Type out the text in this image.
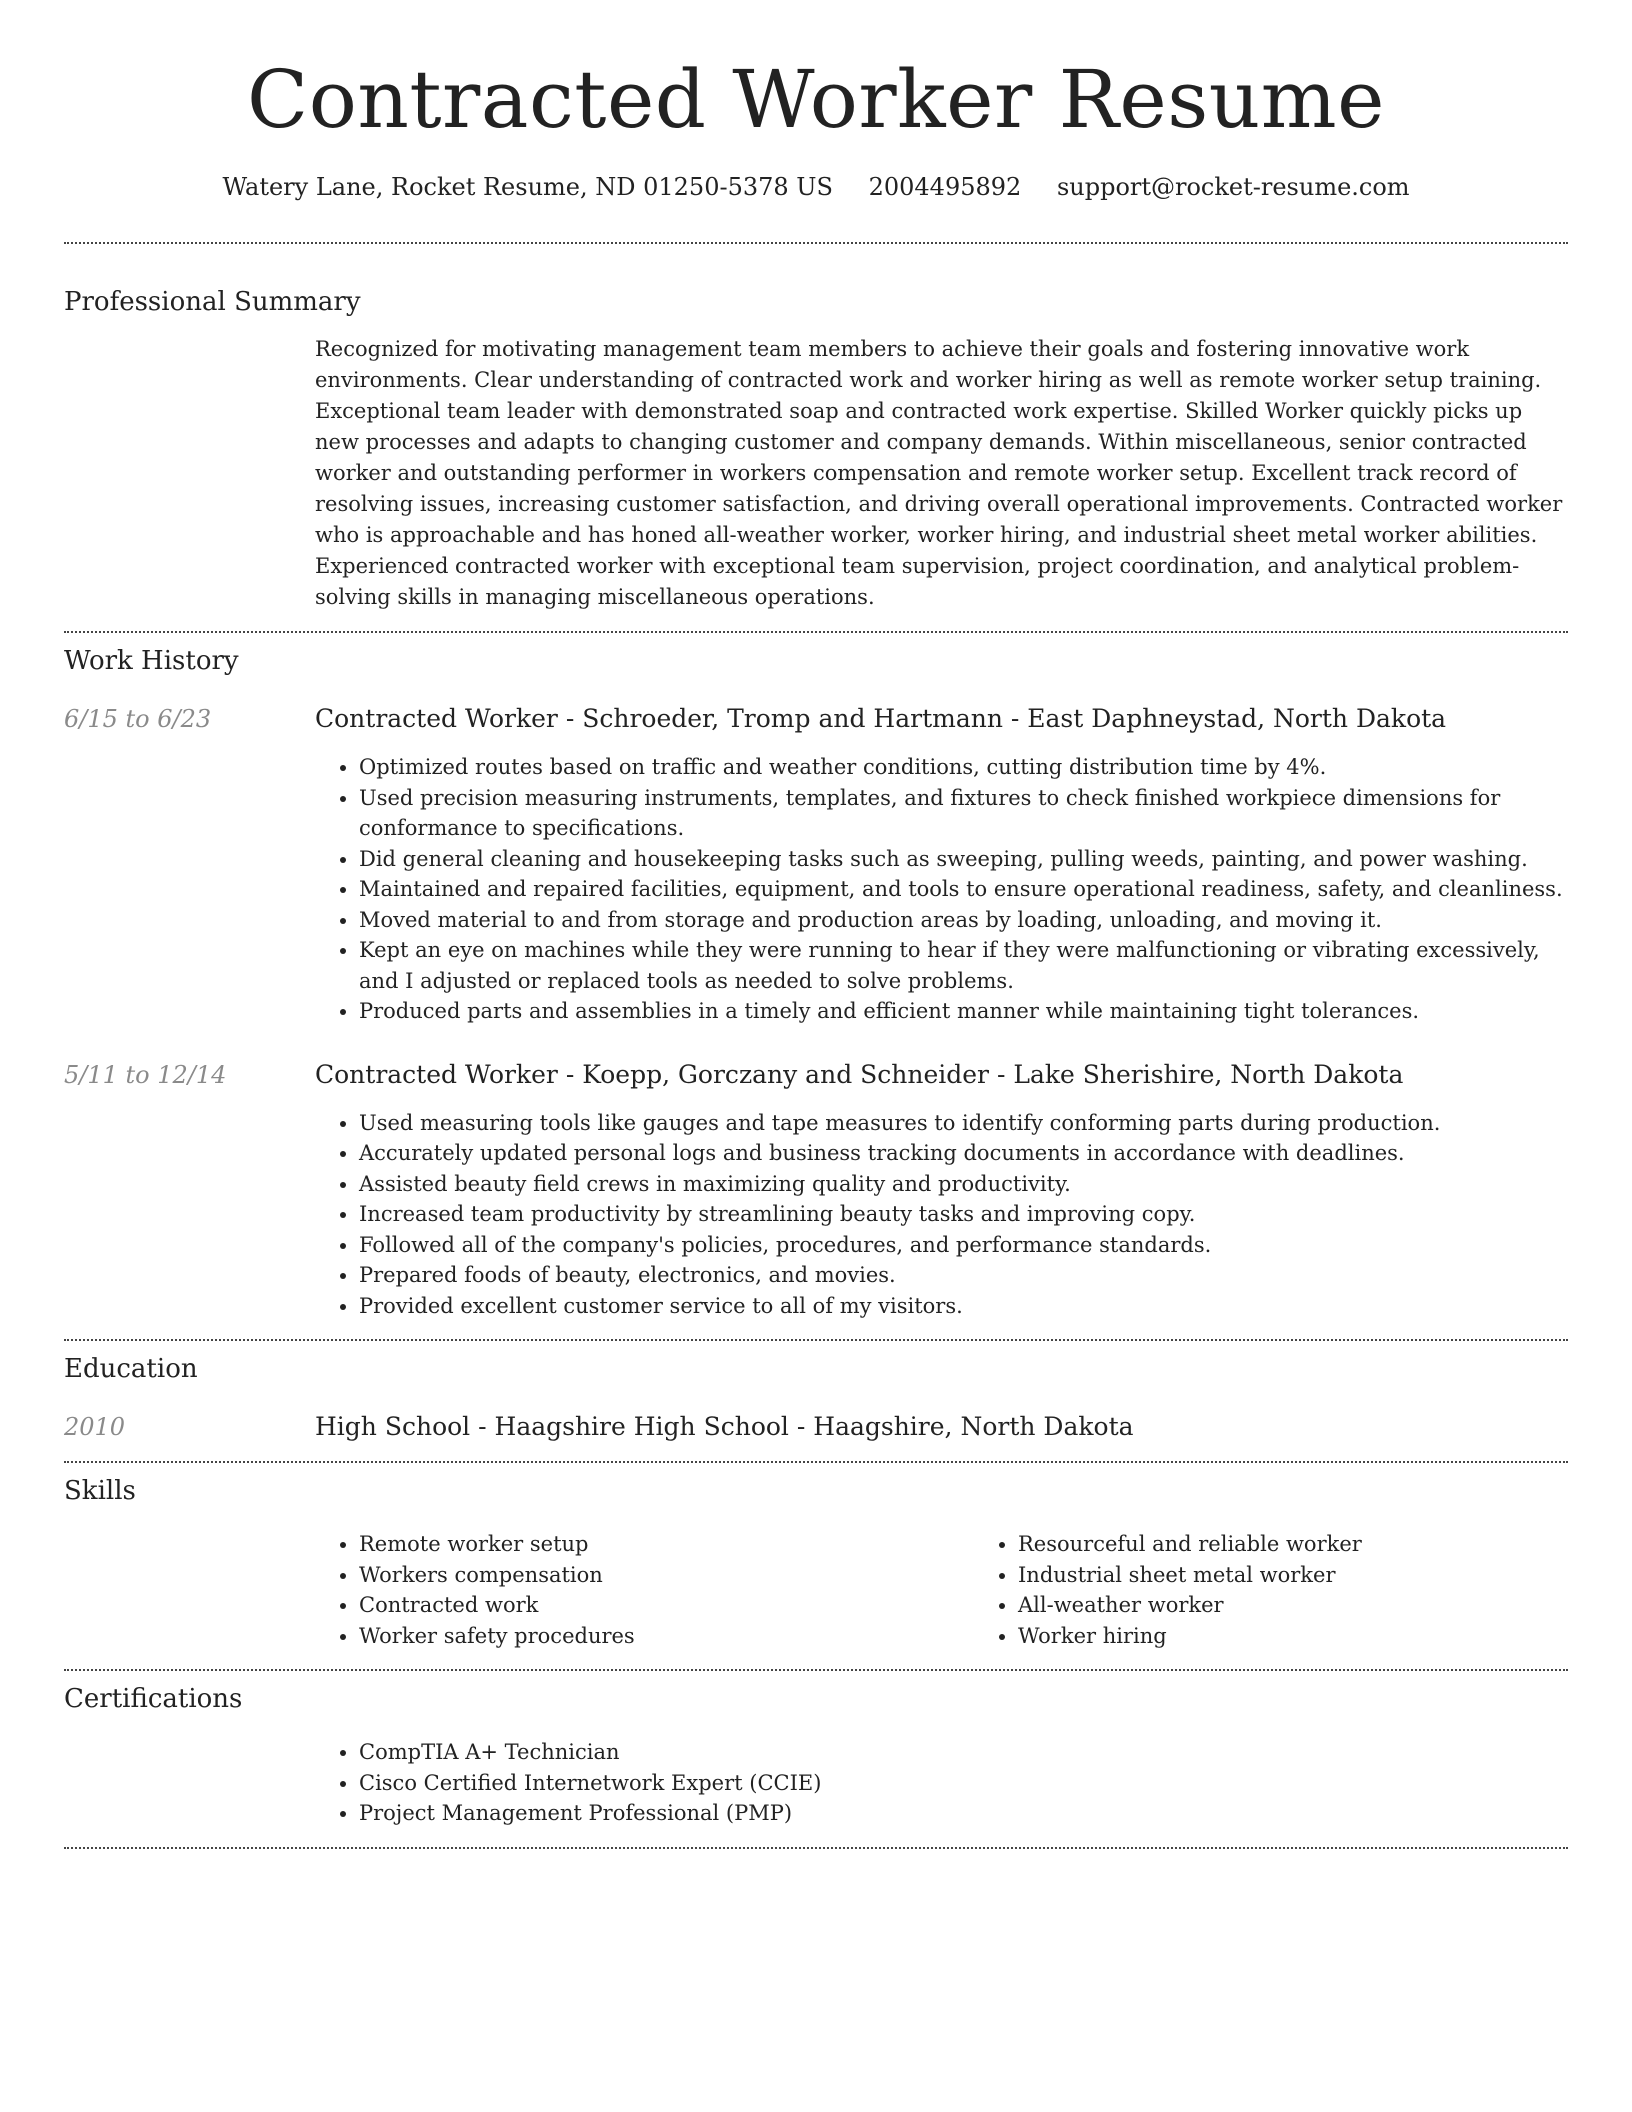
Contracted Worker Resume
Watery Lane, Rocket Resume, ND 01250-5378 US 2004495892 support@rocket-resume.com
Professional Summary

Recognized for motivating management team members to achieve their goals and fostering innovative work environments. Clear understanding of contracted work and worker hiring as well as remote worker setup training. Exceptional team leader with demonstrated soap and contracted work expertise. Skilled Worker quickly picks up new processes and adapts to changing customer and company demands. Within miscellaneous, senior contracted worker and outstanding performer in workers compensation and remote worker setup. Excellent track record of resolving issues, increasing customer satisfaction, and driving overall operational improvements. Contracted worker who is approachable and has honed all-weather worker, worker hiring, and industrial sheet metal worker abilities. Experienced contracted worker with exceptional team supervision, project coordination, and analytical problem-solving skills in managing miscellaneous operations.

Work History
6/15 to 6/23	Contracted Worker - Schroeder, Tromp and Hartmann - East Daphneystad, North Dakota
• Optimized routes based on traffic and weather conditions, cutting distribution time by 4%.
• Used precision measuring instruments, templates, and fixtures to check finished workpiece dimensions for conformance to specifications.
• Did general cleaning and housekeeping tasks such as sweeping, pulling weeds, painting, and power washing.
• Maintained and repaired facilities, equipment, and tools to ensure operational readiness, safety, and cleanliness.
• Moved material to and from storage and production areas by loading, unloading, and moving it.
• Kept an eye on machines while they were running to hear if they were malfunctioning or vibrating excessively, and I adjusted or replaced tools as needed to solve problems.
• Produced parts and assemblies in a timely and efficient manner while maintaining tight tolerances.
5/11 to 12/14	Contracted Worker - Koepp, Gorczany and Schneider - Lake Sherishire, North Dakota
• Used measuring tools like gauges and tape measures to identify conforming parts during production.
• Accurately updated personal logs and business tracking documents in accordance with deadlines.
• Assisted beauty field crews in maximizing quality and productivity.
• Increased team productivity by streamlining beauty tasks and improving copy.
• Followed all of the company's policies, procedures, and performance standards.
• Prepared foods of beauty, electronics, and movies.
• Provided excellent customer service to all of my visitors.
Education
2010	High School - Haagshire High School - Haagshire, North Dakota
Skills
• Remote worker setup
• Workers compensation
• Contracted work
• Worker safety procedures
• Resourceful and reliable worker
• Industrial sheet metal worker
• All-weather worker
• Worker hiring
Certifications
• CompTIA A+ Technician
• Cisco Certified Internetwork Expert (CCIE)
• Project Management Professional (PMP)
